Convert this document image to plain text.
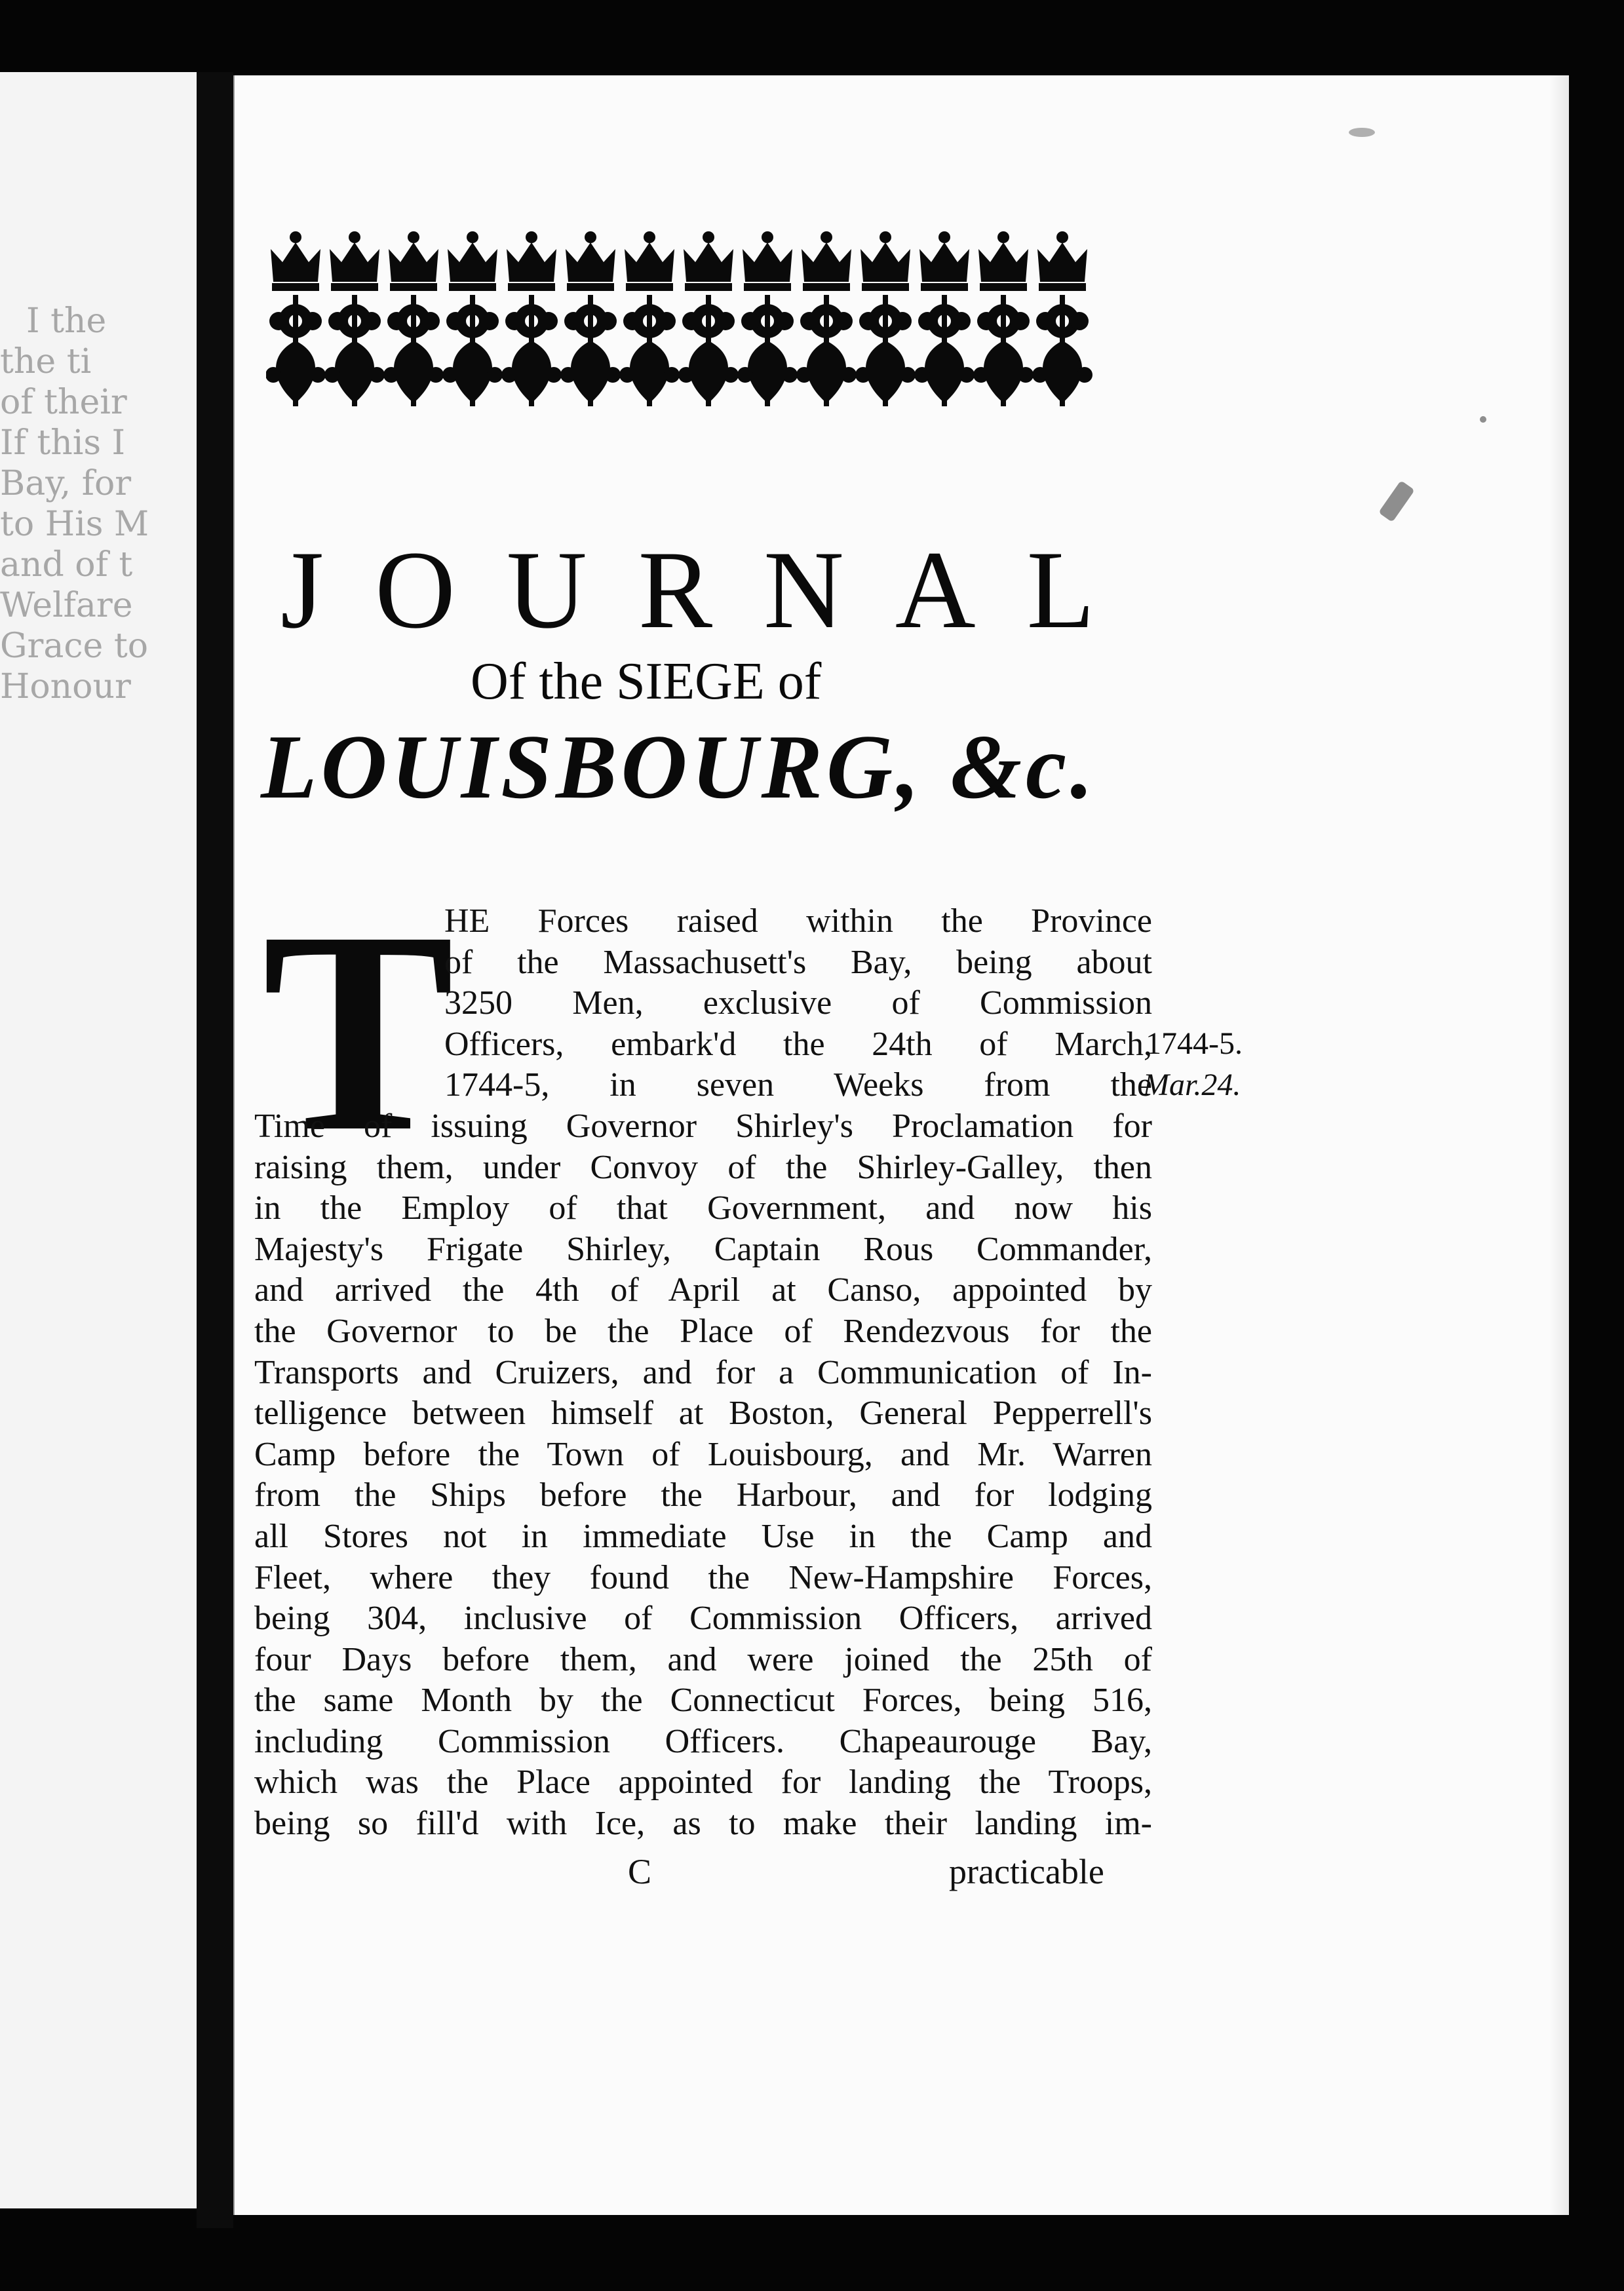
I the
the ti
of their
If this I
Bay, for
to His M
and of t
Welfare
Grace to
Honour
JOURNAL
Of the SIEGE of
LOUISBOURG, &c.
T
HE Forces raised within the Province
of the Massachusett's Bay, being about
3250 Men, exclusive of Commission
Officers, embark'd the 24th of March,
1744-5, in seven Weeks from the
Time of issuing Governor Shirley's Proclamation for
raising them, under Convoy of the Shirley-Galley, then
in the Employ of that Government, and now his
Majesty's Frigate Shirley, Captain Rous Commander,
and arrived the 4th of April at Canso, appointed by
the Governor to be the Place of Rendezvous for the
Transports and Cruizers, and for a Communication of In-
telligence between himself at Boston, General Pepperrell's
Camp before the Town of Louisbourg, and Mr. Warren
from the Ships before the Harbour, and for lodging
all Stores not in immediate Use in the Camp and
Fleet, where they found the New-Hampshire Forces,
being 304, inclusive of Commission Officers, arrived
four Days before them, and were joined the 25th of
the same Month by the Connecticut Forces, being 516,
including Commission Officers. Chapeaurouge Bay,
which was the Place appointed for landing the Troops,
being so fill'd with Ice, as to make their landing im-
C	practicable
1744-5.
Mar.24.
